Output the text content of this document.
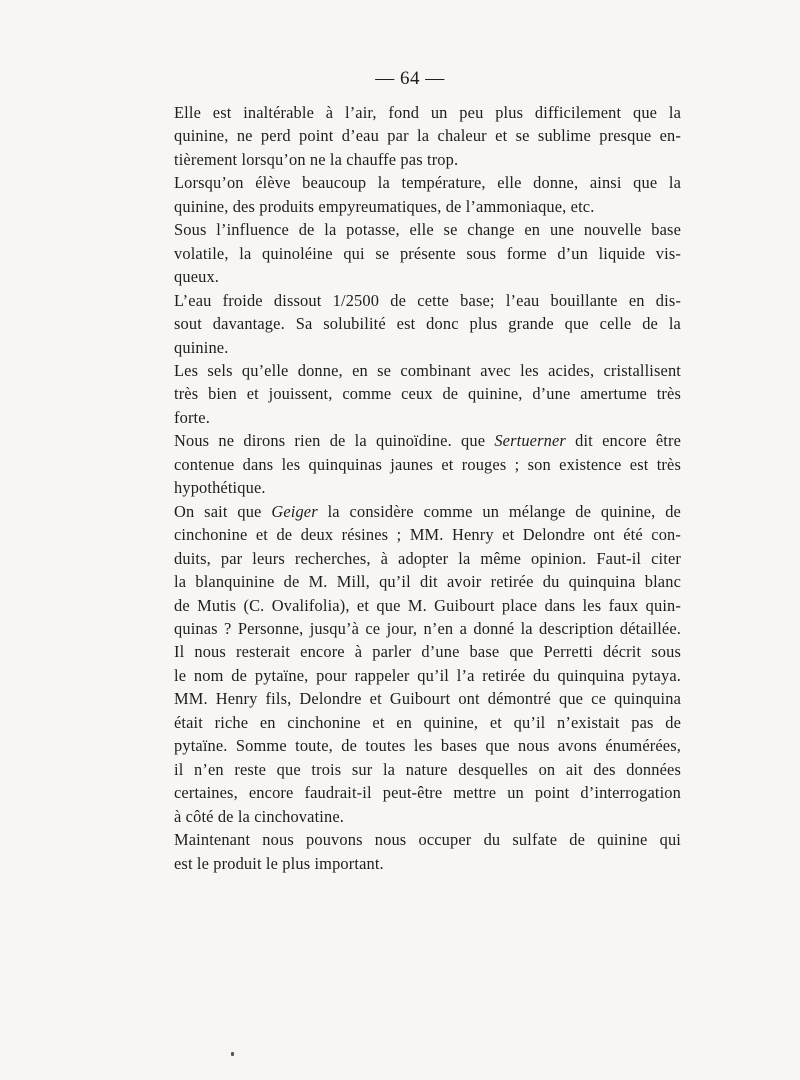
— 64 —

Elle est inaltérable à l’air, fond un peu plus difficilement que la
quinine, ne perd point d’eau par la chaleur et se sublime presque en-
tièrement lorsqu’on ne la chauffe pas trop.

Lorsqu’on élève beaucoup la température, elle donne, ainsi que la
quinine, des produits empyreumatiques, de l’ammoniaque, etc.

Sous l’influence de la potasse, elle se change en une nouvelle base
volatile, la quinoléine qui se présente sous forme d’un liquide vis-
queux.

L’eau froide dissout 1/2500 de cette base; l’eau bouillante en dis-
sout davantage. Sa solubilité est donc plus grande que celle de la
quinine.

Les sels qu’elle donne, en se combinant avec les acides, cristallisent
très bien et jouissent, comme ceux de quinine, d’une amertume très
forte.

Nous ne dirons rien de la quinoïdine. que Sertuerner dit encore être
contenue dans les quinquinas jaunes et rouges ; son existence est très
hypothétique.

On sait que Geiger la considère comme un mélange de quinine, de
cinchonine et de deux résines ; MM. Henry et Delondre ont été con-
duits, par leurs recherches, à adopter la même opinion. Faut-il citer
la blanquinine de M. Mill, qu’il dit avoir retirée du quinquina blanc
de Mutis (C. Ovalifolia), et que M. Guibourt place dans les faux quin-
quinas ? Personne, jusqu’à ce jour, n’en a donné la description détaillée.

Il nous resterait encore à parler d’une base que Perretti décrit sous
le nom de pytaïne, pour rappeler qu’il l’a retirée du quinquina pytaya.
MM. Henry fils, Delondre et Guibourt ont démontré que ce quinquina
était riche en cinchonine et en quinine, et qu’il n’existait pas de
pytaïne. Somme toute, de toutes les bases que nous avons énumérées,
il n’en reste que trois sur la nature desquelles on ait des données
certaines, encore faudrait-il peut-être mettre un point d’interrogation
à côté de la cinchovatine.

Maintenant nous pouvons nous occuper du sulfate de quinine qui
est le produit le plus important.
